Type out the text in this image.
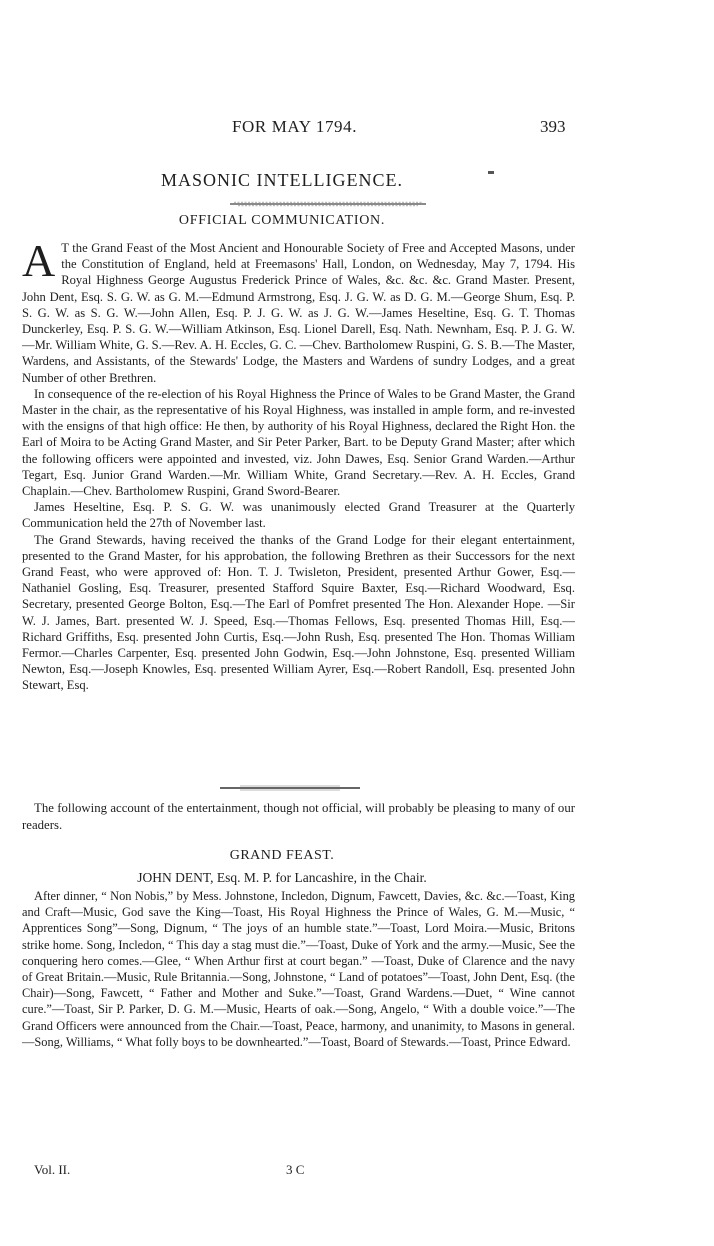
FOR MAY 1794.	393
MASONIC INTELLIGENCE.
OFFICIAL COMMUNICATION.

A T the Grand Feast of the Most Ancient and Honourable Society of Free and Accepted Masons, under the Constitution of England, held at Freemasons' Hall, London, on Wednesday, May 7, 1794. His Royal Highness George Augustus Frederick Prince of Wales, &c. &c. &c. Grand Master. Present, John Dent, Esq. S. G. W. as G. M.—Edmund Armstrong, Esq. J. G. W. as D. G. M.—George Shum, Esq. P. S. G. W. as S. G. W.—John Allen, Esq. P. J. G. W. as J. G. W.—James Heseltine, Esq. G. T. Thomas Dunckerley, Esq. P. S. G. W.—William Atkinson, Esq. Lionel Darell, Esq. Nath. Newnham, Esq. P. J. G. W.—Mr. William White, G. S.—Rev. A. H. Eccles, G. C. —Chev. Bartholomew Ruspini, G. S. B.—The Master, Wardens, and Assistants, of the Stewards' Lodge, the Masters and Wardens of sundry Lodges, and a great Number of other Brethren.

In consequence of the re-election of his Royal Highness the Prince of Wales to be Grand Master, the Grand Master in the chair, as the representative of his Royal Highness, was installed in ample form, and re-invested with the ensigns of that high office: He then, by authority of his Royal Highness, declared the Right Hon. the Earl of Moira to be Acting Grand Master, and Sir Peter Parker, Bart. to be Deputy Grand Master; after which the following officers were appointed and invested, viz. John Dawes, Esq. Senior Grand Warden.—Arthur Tegart, Esq. Junior Grand Warden.—Mr. William White, Grand Secretary.—Rev. A. H. Eccles, Grand Chaplain.—Chev. Bartholomew Ruspini, Grand Sword-Bearer.

James Heseltine, Esq. P. S. G. W. was unanimously elected Grand Treasurer at the Quarterly Communication held the 27th of November last.

The Grand Stewards, having received the thanks of the Grand Lodge for their elegant entertainment, presented to the Grand Master, for his approbation, the following Brethren as their Successors for the next Grand Feast, who were approved of: Hon. T. J. Twisleton, President, presented Arthur Gower, Esq.—Nathaniel Gosling, Esq. Treasurer, presented Stafford Squire Baxter, Esq.—Richard Woodward, Esq. Secretary, presented George Bolton, Esq.—The Earl of Pomfret presented The Hon. Alexander Hope. —Sir W. J. James, Bart. presented W. J. Speed, Esq.—Thomas Fellows, Esq. presented Thomas Hill, Esq.—Richard Griffiths, Esq. presented John Curtis, Esq.—John Rush, Esq. presented The Hon. Thomas William Fermor.—Charles Carpenter, Esq. presented John Godwin, Esq.—John Johnstone, Esq. presented William Newton, Esq.—Joseph Knowles, Esq. presented William Ayrer, Esq.—Robert Randoll, Esq. presented John Stewart, Esq.

The following account of the entertainment, though not official, will probably be pleasing to many of our readers.

GRAND FEAST.
JOHN DENT, Esq. M. P. for Lancashire, in the Chair.

After dinner, “ Non Nobis,” by Mess. Johnstone, Incledon, Dignum, Fawcett, Davies, &c. &c.—Toast, King and Craft—Music, God save the King—Toast, His Royal Highness the Prince of Wales, G. M.—Music, “ Apprentices Song”—Song, Dignum, “ The joys of an humble state.”—Toast, Lord Moira.—Music, Britons strike home. Song, Incledon, “ This day a stag must die.”—Toast, Duke of York and the army.—Music, See the conquering hero comes.—Glee, “ When Arthur first at court began.” —Toast, Duke of Clarence and the navy of Great Britain.—Music, Rule Britannia.—Song, Johnstone, “ Land of potatoes”—Toast, John Dent, Esq. (the Chair)—Song, Fawcett, “ Father and Mother and Suke.”—Toast, Grand Wardens.—Duet, “ Wine cannot cure.”—Toast, Sir P. Parker, D. G. M.—Music, Hearts of oak.—Song, Angelo, “ With a double voice.”—The Grand Officers were announced from the Chair.—Toast, Peace, harmony, and unanimity, to Masons in general.—Song, Williams, “ What folly boys to be downhearted.”—Toast, Board of Stewards.—Toast, Prince Edward.

Vol. II.	3 C
